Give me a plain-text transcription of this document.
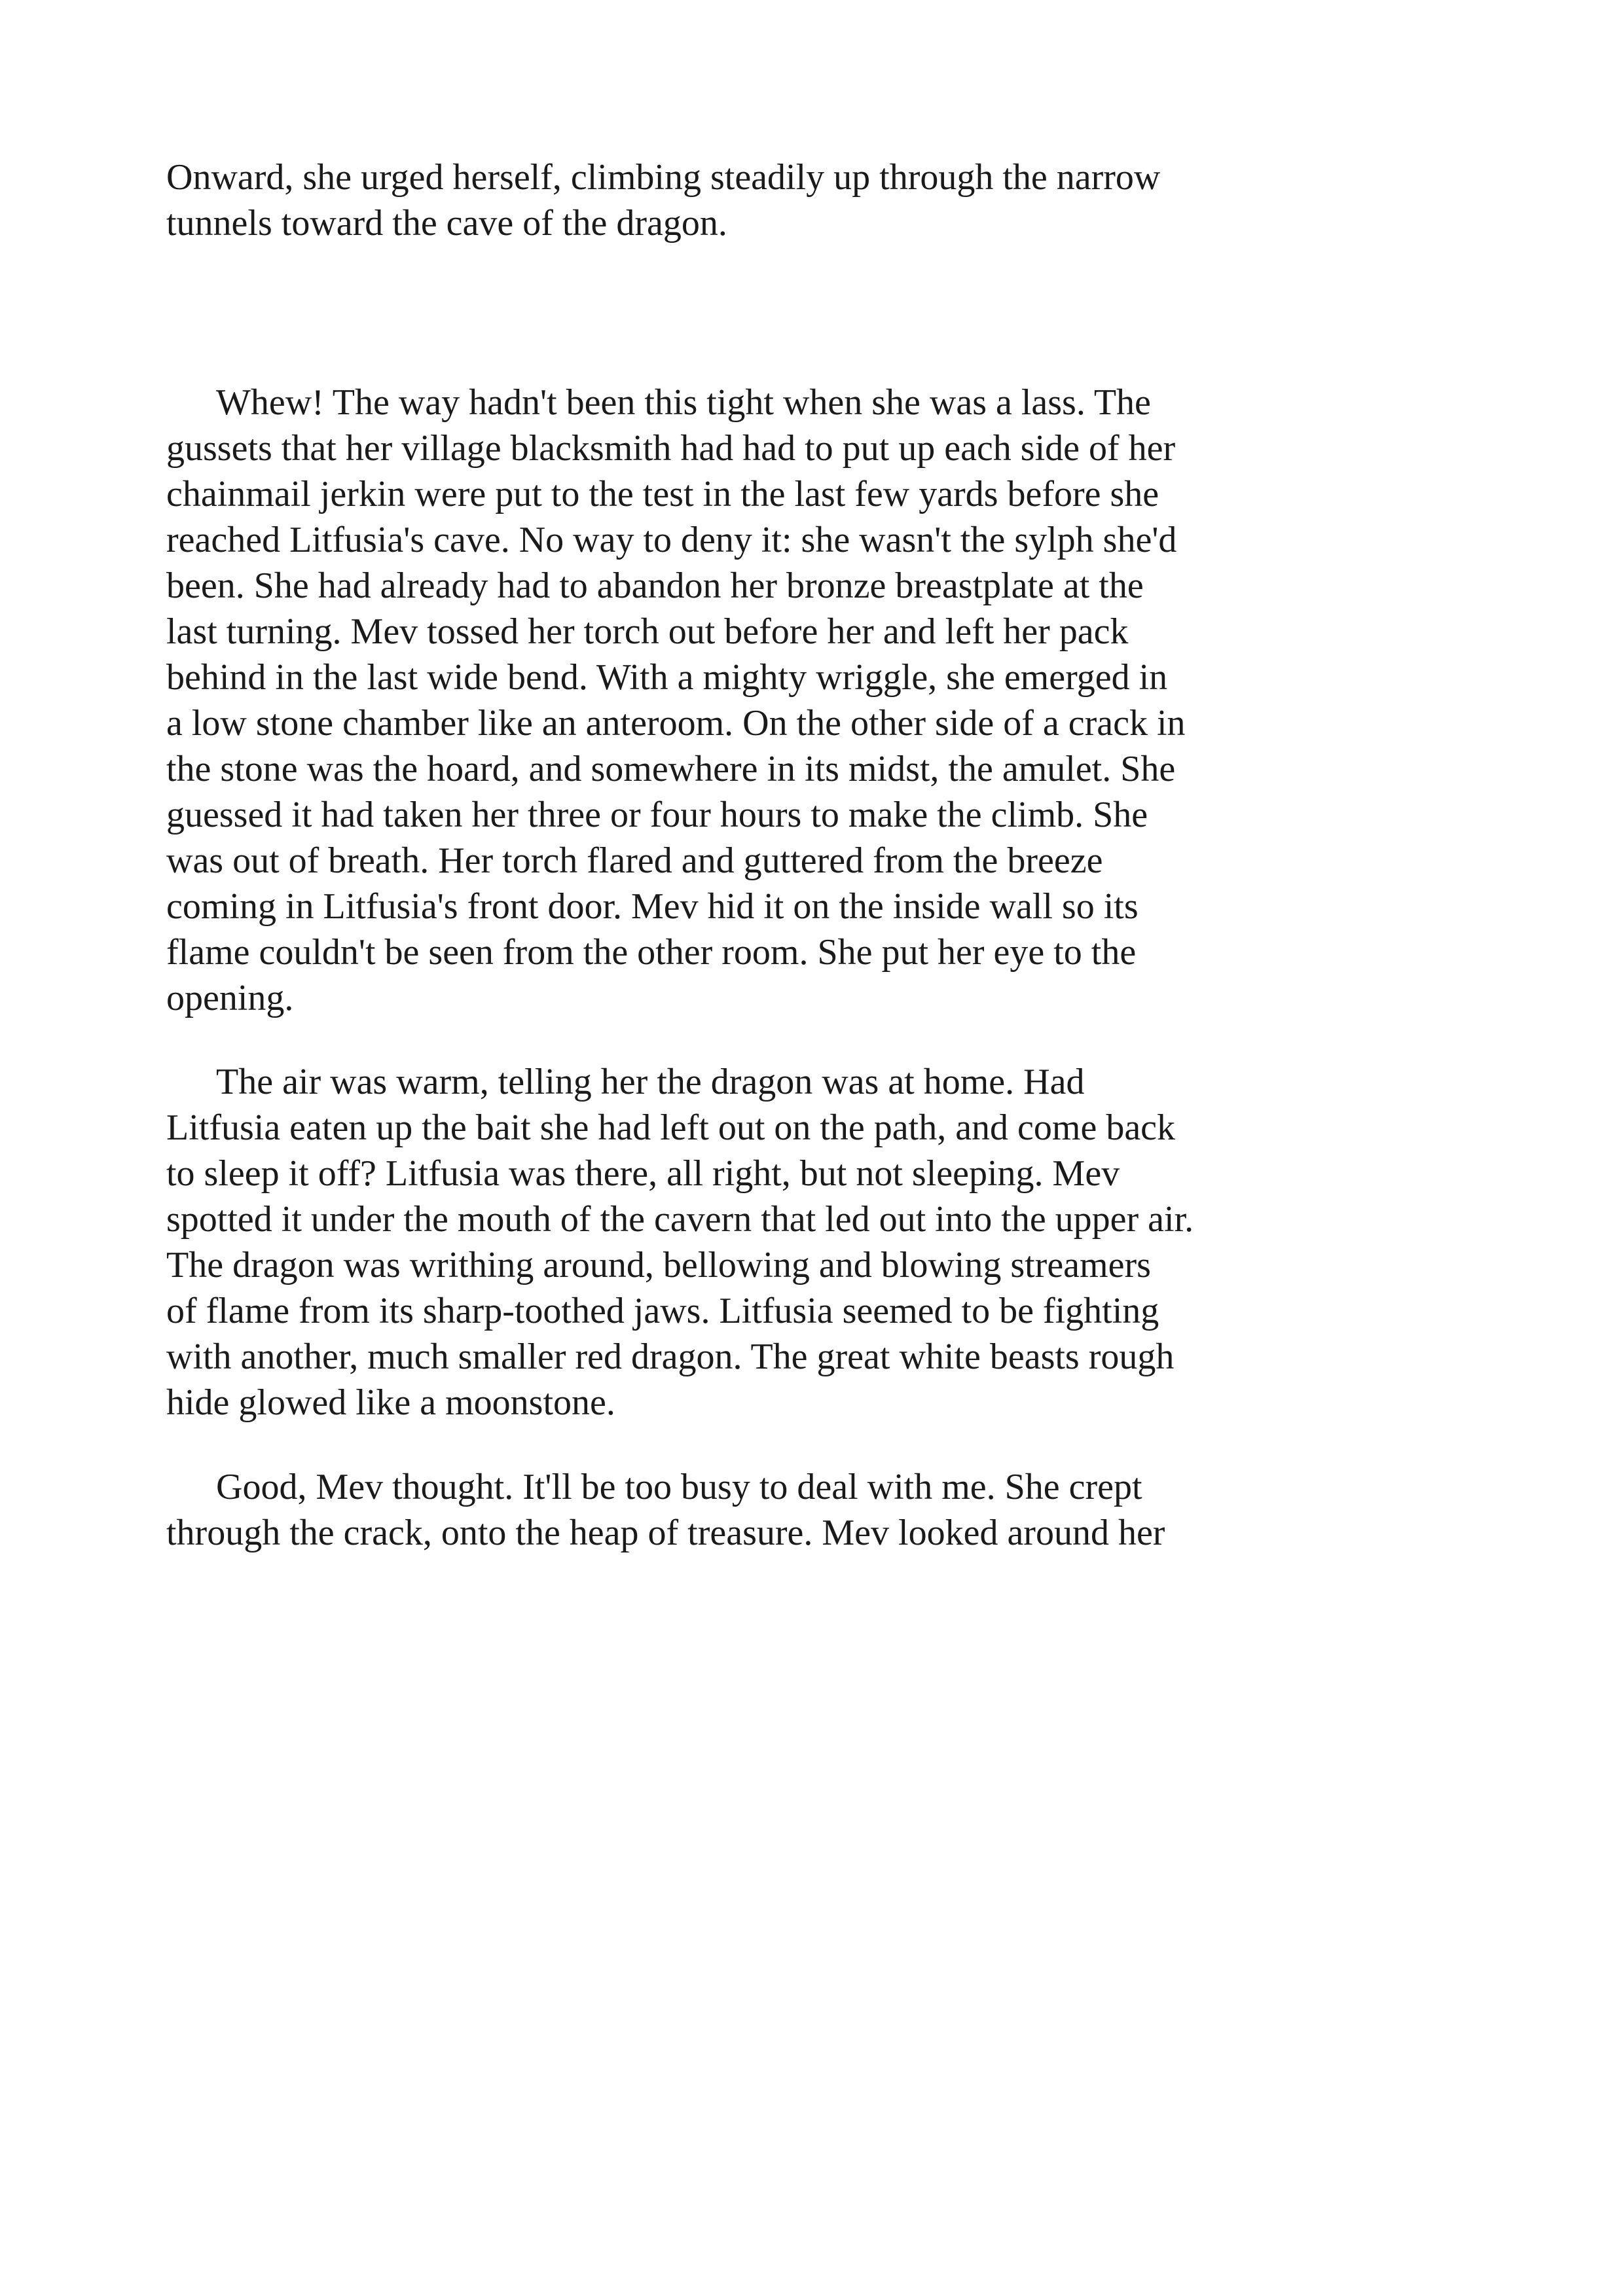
Onward, she urged herself, climbing steadily up through the narrow

tunnels toward the cave of the dragon.

Whew! The way hadn't been this tight when she was a lass. The

gussets that her village blacksmith had had to put up each side of her

chainmail jerkin were put to the test in the last few yards before she

reached Litfusia's cave. No way to deny it: she wasn't the sylph she'd

been. She had already had to abandon her bronze breastplate at the

last turning. Mev tossed her torch out before her and left her pack

behind in the last wide bend. With a mighty wriggle, she emerged in

a low stone chamber like an anteroom. On the other side of a crack in

the stone was the hoard, and somewhere in its midst, the amulet. She

guessed it had taken her three or four hours to make the climb. She

was out of breath. Her torch flared and guttered from the breeze

coming in Litfusia's front door. Mev hid it on the inside wall so its

flame couldn't be seen from the other room. She put her eye to the

opening.

The air was warm, telling her the dragon was at home. Had

Litfusia eaten up the bait she had left out on the path, and come back

to sleep it off? Litfusia was there, all right, but not sleeping. Mev

spotted it under the mouth of the cavern that led out into the upper air.

The dragon was writhing around, bellowing and blowing streamers

of flame from its sharp-toothed jaws. Litfusia seemed to be fighting

with another, much smaller red dragon. The great white beasts rough

hide glowed like a moonstone.

Good, Mev thought. It'll be too busy to deal with me. She crept

through the crack, onto the heap of treasure. Mev looked around her
